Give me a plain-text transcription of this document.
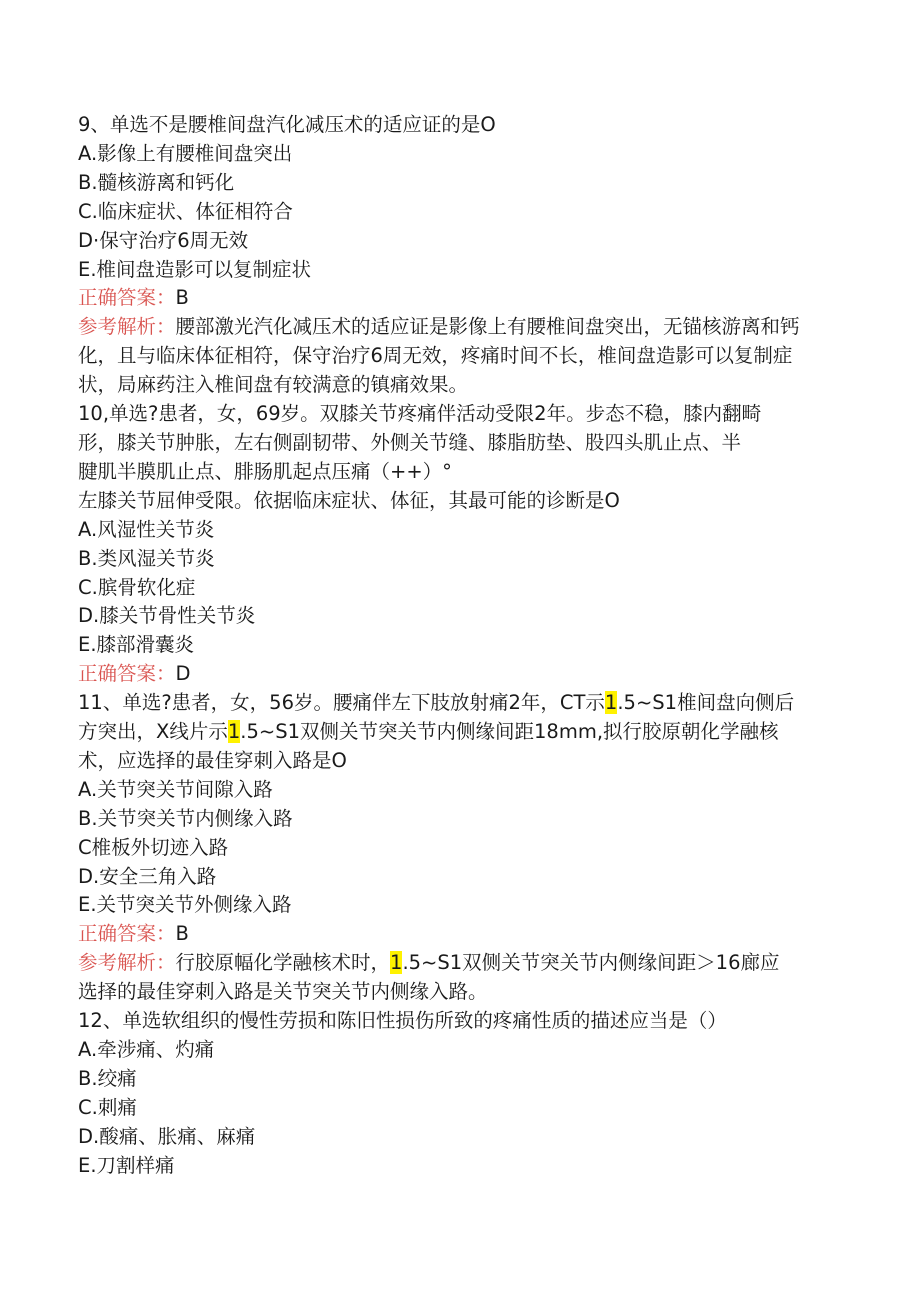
9、单选不是腰椎间盘汽化减压术的适应证的是O
A.影像上有腰椎间盘突出
B.髓核游离和钙化
C.临床症状、体征相符合
D·保守治疗6周无效
E.椎间盘造影可以复制症状
正确答案：B
参考解析：腰部激光汽化减压术的适应证是影像上有腰椎间盘突出，无锚核游离和钙化，且与临床体征相符，保守治疗6周无效，疼痛时间不长，椎间盘造影可以复制症状，局麻药注入椎间盘有较满意的镇痛效果。
10,单选?患者，女，69岁。双膝关节疼痛伴活动受限2年。步态不稳，膝内翻畸
形，膝关节肿胀，左右侧副韧带、外侧关节缝、膝脂肪垫、股四头肌止点、半
腱肌半膜肌止点、腓肠肌起点压痛（++）°
左膝关节屈伸受限。依据临床症状、体征，其最可能的诊断是O
A.风湿性关节炎
B.类风湿关节炎
C.膑骨软化症
D.膝关节骨性关节炎
E.膝部滑囊炎
正确答案：D
11、单选?患者，女，56岁。腰痛伴左下肢放射痛2年，CT示1.5~S1椎间盘向侧后
方突出，X线片示1.5~S1双侧关节突关节内侧缘间距18mm,拟行胶原朝化学融核
术，应选择的最佳穿刺入路是O
A.关节突关节间隙入路
B.关节突关节内侧缘入路
C椎板外切迹入路
D.安全三角入路
E.关节突关节外侧缘入路
正确答案：B
参考解析：行胶原幅化学融核术时，1.5~S1双侧关节突关节内侧缘间距＞16廊应
选择的最佳穿刺入路是关节突关节内侧缘入路。
12、单选软组织的慢性劳损和陈旧性损伤所致的疼痛性质的描述应当是（）
A.牵涉痛、灼痛
B.绞痛
C.刺痛
D.酸痛、胀痛、麻痛
E.刀割样痛
